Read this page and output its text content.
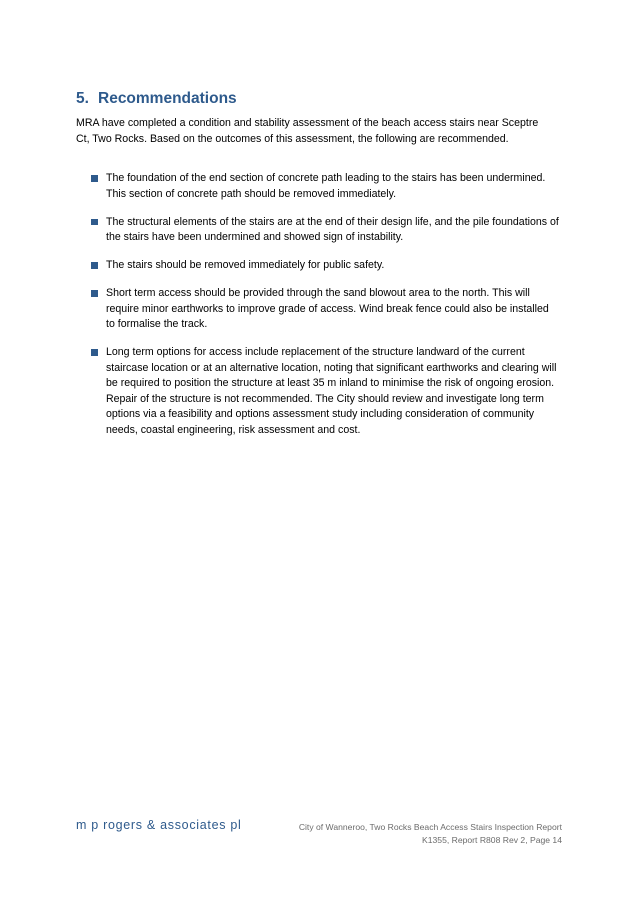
5. Recommendations

MRA have completed a condition and stability assessment of the beach access stairs near Sceptre Ct, Two Rocks. Based on the outcomes of this assessment, the following are recommended.

The foundation of the end section of concrete path leading to the stairs has been undermined. This section of concrete path should be removed immediately.
The structural elements of the stairs are at the end of their design life, and the pile foundations of the stairs have been undermined and showed sign of instability.
The stairs should be removed immediately for public safety.
Short term access should be provided through the sand blowout area to the north. This will require minor earthworks to improve grade of access. Wind break fence could also be installed to formalise the track.
Long term options for access include replacement of the structure landward of the current staircase location or at an alternative location, noting that significant earthworks and clearing will be required to position the structure at least 35 m inland to minimise the risk of ongoing erosion. Repair of the structure is not recommended. The City should review and investigate long term options via a feasibility and options assessment study including consideration of community needs, coastal engineering, risk assessment and cost.
m p rogers & associates pl	City of Wanneroo, Two Rocks Beach Access Stairs Inspection Report
K1355, Report R808 Rev 2, Page 14
